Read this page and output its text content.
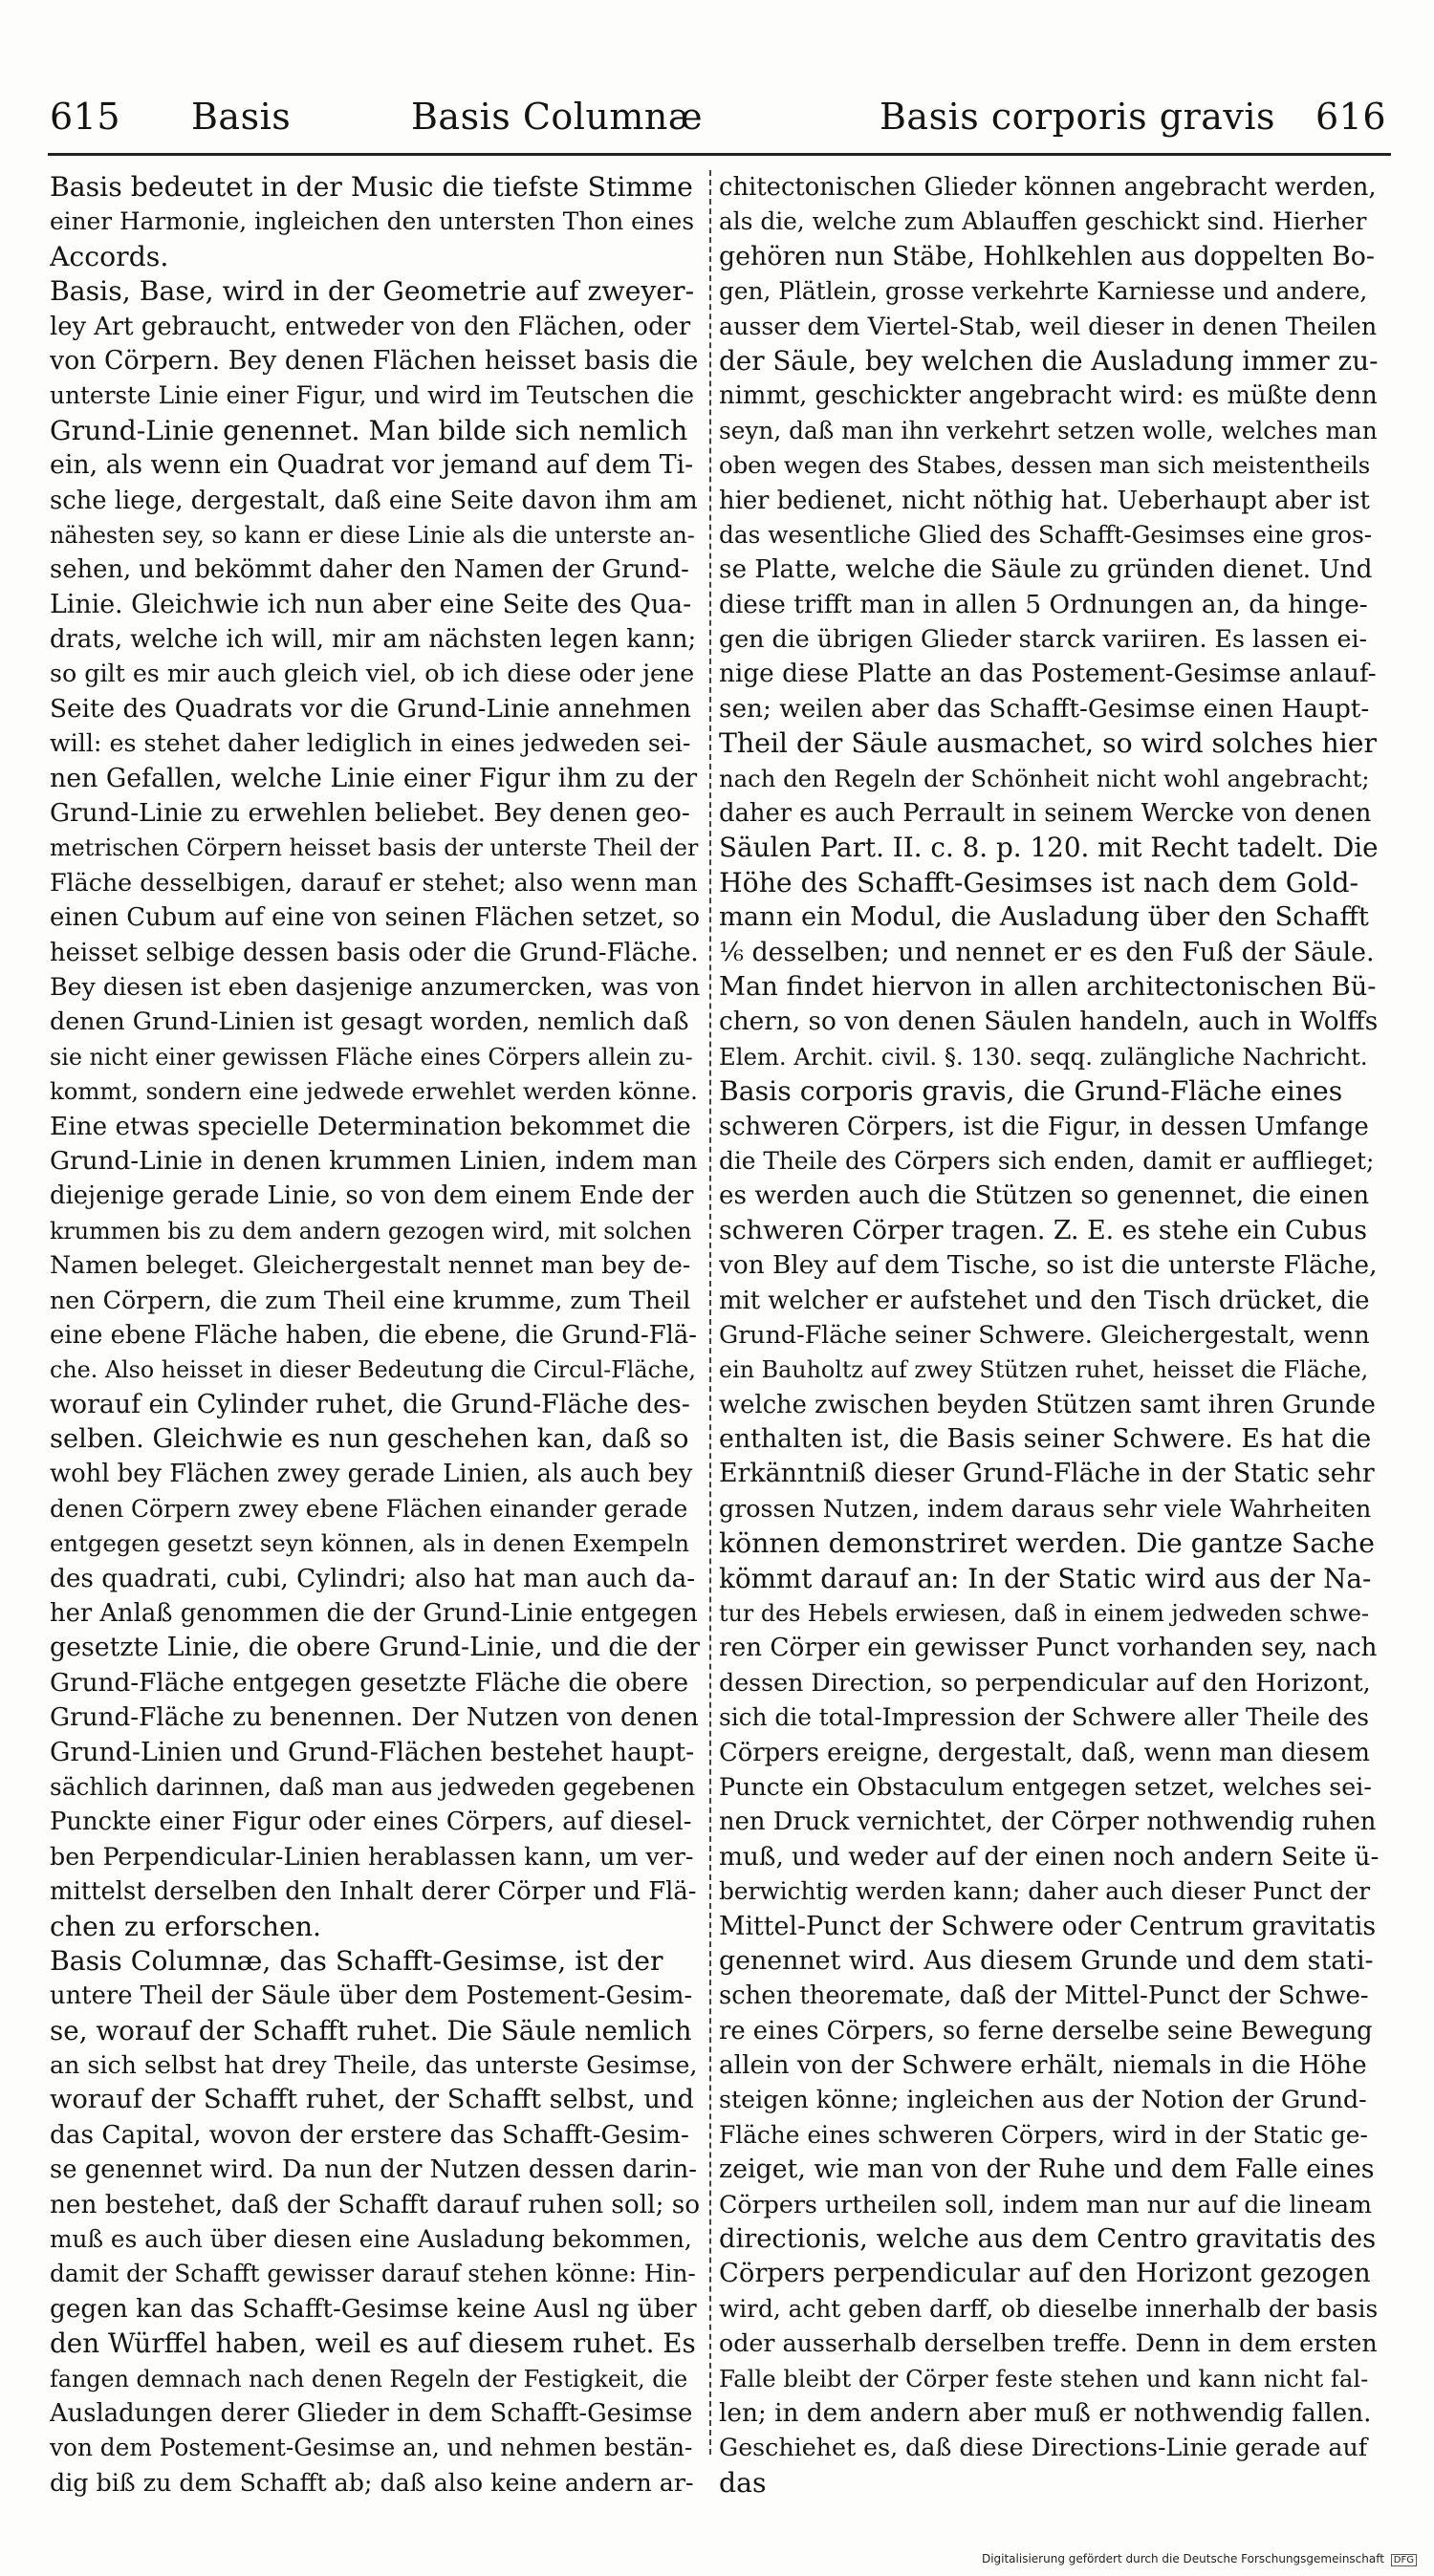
615 Basis	Basis Columnæ	Basis corporis gravis 616
Basis bedeutet in der Music die tiefste Stimme
einer Harmonie, ingleichen den untersten Thon eines
Accords.
Basis, Base, wird in der Geometrie auf zweyer-
ley Art gebraucht, entweder von den Flächen, oder
von Cörpern. Bey denen Flächen heisset basis die
unterste Linie einer Figur, und wird im Teutschen die
Grund-Linie genennet. Man bilde sich nemlich
ein, als wenn ein Quadrat vor jemand auf dem Ti-
sche liege, dergestalt, daß eine Seite davon ihm am
nähesten sey, so kann er diese Linie als die unterste an-
sehen, und bekömmt daher den Namen der Grund-
Linie. Gleichwie ich nun aber eine Seite des Qua-
drats, welche ich will, mir am nächsten legen kann;
so gilt es mir auch gleich viel, ob ich diese oder jene
Seite des Quadrats vor die Grund-Linie annehmen
will: es stehet daher lediglich in eines jedweden sei-
nen Gefallen, welche Linie einer Figur ihm zu der
Grund-Linie zu erwehlen beliebet. Bey denen geo-
metrischen Cörpern heisset basis der unterste Theil der
Fläche desselbigen, darauf er stehet; also wenn man
einen Cubum auf eine von seinen Flächen setzet, so
heisset selbige dessen basis oder die Grund-Fläche.
Bey diesen ist eben dasjenige anzumercken, was von
denen Grund-Linien ist gesagt worden, nemlich daß
sie nicht einer gewissen Fläche eines Cörpers allein zu-
kommt, sondern eine jedwede erwehlet werden könne.
Eine etwas specielle Determination bekommet die
Grund-Linie in denen krummen Linien, indem man
diejenige gerade Linie, so von dem einem Ende der
krummen bis zu dem andern gezogen wird, mit solchen
Namen beleget. Gleichergestalt nennet man bey de-
nen Cörpern, die zum Theil eine krumme, zum Theil
eine ebene Fläche haben, die ebene, die Grund-Flä-
che. Also heisset in dieser Bedeutung die Circul-Fläche,
worauf ein Cylinder ruhet, die Grund-Fläche des-
selben. Gleichwie es nun geschehen kan, daß so
wohl bey Flächen zwey gerade Linien, als auch bey
denen Cörpern zwey ebene Flächen einander gerade
entgegen gesetzt seyn können, als in denen Exempeln
des quadrati, cubi, Cylindri; also hat man auch da-
her Anlaß genommen die der Grund-Linie entgegen
gesetzte Linie, die obere Grund-Linie, und die der
Grund-Fläche entgegen gesetzte Fläche die obere
Grund-Fläche zu benennen. Der Nutzen von denen
Grund-Linien und Grund-Flächen bestehet haupt-
sächlich darinnen, daß man aus jedweden gegebenen
Punckte einer Figur oder eines Cörpers, auf diesel-
ben Perpendicular-Linien herablassen kann, um ver-
mittelst derselben den Inhalt derer Cörper und Flä-
chen zu erforschen.
Basis Columnæ, das Schafft-Gesimse, ist der
untere Theil der Säule über dem Postement-Gesim-
se, worauf der Schafft ruhet. Die Säule nemlich
an sich selbst hat drey Theile, das unterste Gesimse,
worauf der Schafft ruhet, der Schafft selbst, und
das Capital, wovon der erstere das Schafft-Gesim-
se genennet wird. Da nun der Nutzen dessen darin-
nen bestehet, daß der Schafft darauf ruhen soll; so
muß es auch über diesen eine Ausladung bekommen,
damit der Schafft gewisser darauf stehen könne: Hin-
gegen kan das Schafft-Gesimse keine Ausl ng über
den Würffel haben, weil es auf diesem ruhet. Es
fangen demnach nach denen Regeln der Festigkeit, die
Ausladungen derer Glieder in dem Schafft-Gesimse
von dem Postement-Gesimse an, und nehmen bestän-
dig biß zu dem Schafft ab; daß also keine andern ar-
chitectonischen Glieder können angebracht werden,
als die, welche zum Ablauffen geschickt sind. Hierher
gehören nun Stäbe, Hohlkehlen aus doppelten Bo-
gen, Plätlein, grosse verkehrte Karniesse und andere,
ausser dem Viertel-Stab, weil dieser in denen Theilen
der Säule, bey welchen die Ausladung immer zu-
nimmt, geschickter angebracht wird: es müßte denn
seyn, daß man ihn verkehrt setzen wolle, welches man
oben wegen des Stabes, dessen man sich meistentheils
hier bedienet, nicht nöthig hat. Ueberhaupt aber ist
das wesentliche Glied des Schafft-Gesimses eine gros-
se Platte, welche die Säule zu gründen dienet. Und
diese trifft man in allen 5 Ordnungen an, da hinge-
gen die übrigen Glieder starck variiren. Es lassen ei-
nige diese Platte an das Postement-Gesimse anlauf-
sen; weilen aber das Schafft-Gesimse einen Haupt-
Theil der Säule ausmachet, so wird solches hier
nach den Regeln der Schönheit nicht wohl angebracht;
daher es auch Perrault in seinem Wercke von denen
Säulen Part. II. c. 8. p. 120. mit Recht tadelt. Die
Höhe des Schafft-Gesimses ist nach dem Gold-
mann ein Modul, die Ausladung über den Schafft
⅙ desselben; und nennet er es den Fuß der Säule.
Man findet hiervon in allen architectonischen Bü-
chern, so von denen Säulen handeln, auch in Wolffs
Elem. Archit. civil. §. 130. seqq. zulängliche Nachricht.
Basis corporis gravis, die Grund-Fläche eines
schweren Cörpers, ist die Figur, in dessen Umfange
die Theile des Cörpers sich enden, damit er aufflieget;
es werden auch die Stützen so genennet, die einen
schweren Cörper tragen. Z. E. es stehe ein Cubus
von Bley auf dem Tische, so ist die unterste Fläche,
mit welcher er aufstehet und den Tisch drücket, die
Grund-Fläche seiner Schwere. Gleichergestalt, wenn
ein Bauholtz auf zwey Stützen ruhet, heisset die Fläche,
welche zwischen beyden Stützen samt ihren Grunde
enthalten ist, die Basis seiner Schwere. Es hat die
Erkänntniß dieser Grund-Fläche in der Static sehr
grossen Nutzen, indem daraus sehr viele Wahrheiten
können demonstriret werden. Die gantze Sache
kömmt darauf an: In der Static wird aus der Na-
tur des Hebels erwiesen, daß in einem jedweden schwe-
ren Cörper ein gewisser Punct vorhanden sey, nach
dessen Direction, so perpendicular auf den Horizont,
sich die total-Impression der Schwere aller Theile des
Cörpers ereigne, dergestalt, daß, wenn man diesem
Puncte ein Obstaculum entgegen setzet, welches sei-
nen Druck vernichtet, der Cörper nothwendig ruhen
muß, und weder auf der einen noch andern Seite ü-
berwichtig werden kann; daher auch dieser Punct der
Mittel-Punct der Schwere oder Centrum gravitatis
genennet wird. Aus diesem Grunde und dem stati-
schen theoremate, daß der Mittel-Punct der Schwe-
re eines Cörpers, so ferne derselbe seine Bewegung
allein von der Schwere erhält, niemals in die Höhe
steigen könne; ingleichen aus der Notion der Grund-
Fläche eines schweren Cörpers, wird in der Static ge-
zeiget, wie man von der Ruhe und dem Falle eines
Cörpers urtheilen soll, indem man nur auf die lineam
directionis, welche aus dem Centro gravitatis des
Cörpers perpendicular auf den Horizont gezogen
wird, acht geben darff, ob dieselbe innerhalb der basis
oder ausserhalb derselben treffe. Denn in dem ersten
Falle bleibt der Cörper feste stehen und kann nicht fal-
len; in dem andern aber muß er nothwendig fallen.
Geschiehet es, daß diese Directions-Linie gerade auf
das
Digitalisierung gefördert durch die Deutsche Forschungsgemeinschaft DFG
